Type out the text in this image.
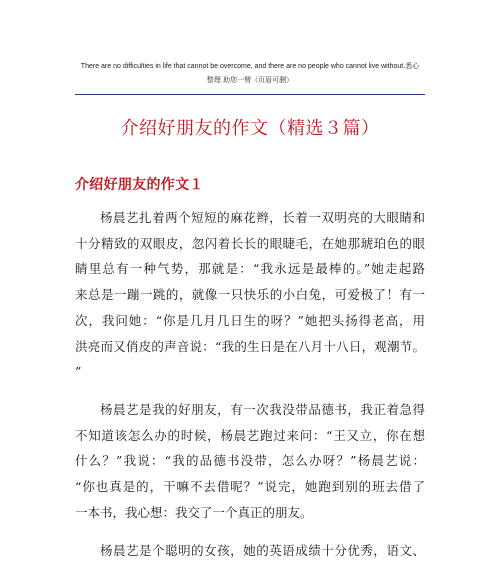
There are no difficulties in life that cannot be overcome, and there are no people who cannot live without.悉心
整理 助您一臂（页眉可删）
介绍好朋友的作文（精选３篇）
介绍好朋友的作文１

杨晨艺扎着两个短短的麻花辫，长着一双明亮的大眼睛和
十分精致的双眼皮，忽闪着长长的眼睫毛，在她那琥珀色的眼
睛里总有一种气势，那就是：“我永远是最棒的。”她走起路
来总是一蹦一跳的，就像一只快乐的小白兔，可爱极了！有一
次，我问她：“你是几月几日生的呀？”她把头扬得老高，用
洪亮而又俏皮的声音说：“我的生日是在八月十八日，观潮节。
”

杨晨艺是我的好朋友，有一次我没带品德书，我正着急得
不知道该怎么办的时候，杨晨艺跑过来问：“王又立，你在想
什么？”我说：“我的品德书没带，怎么办呀？”杨晨艺说：
“你也真是的，干嘛不去借呢？”说完，她跑到别的班去借了
一本书，我心想：我交了一个真正的朋友。

杨晨艺是个聪明的女孩，她的英语成绩十分优秀，语文、
